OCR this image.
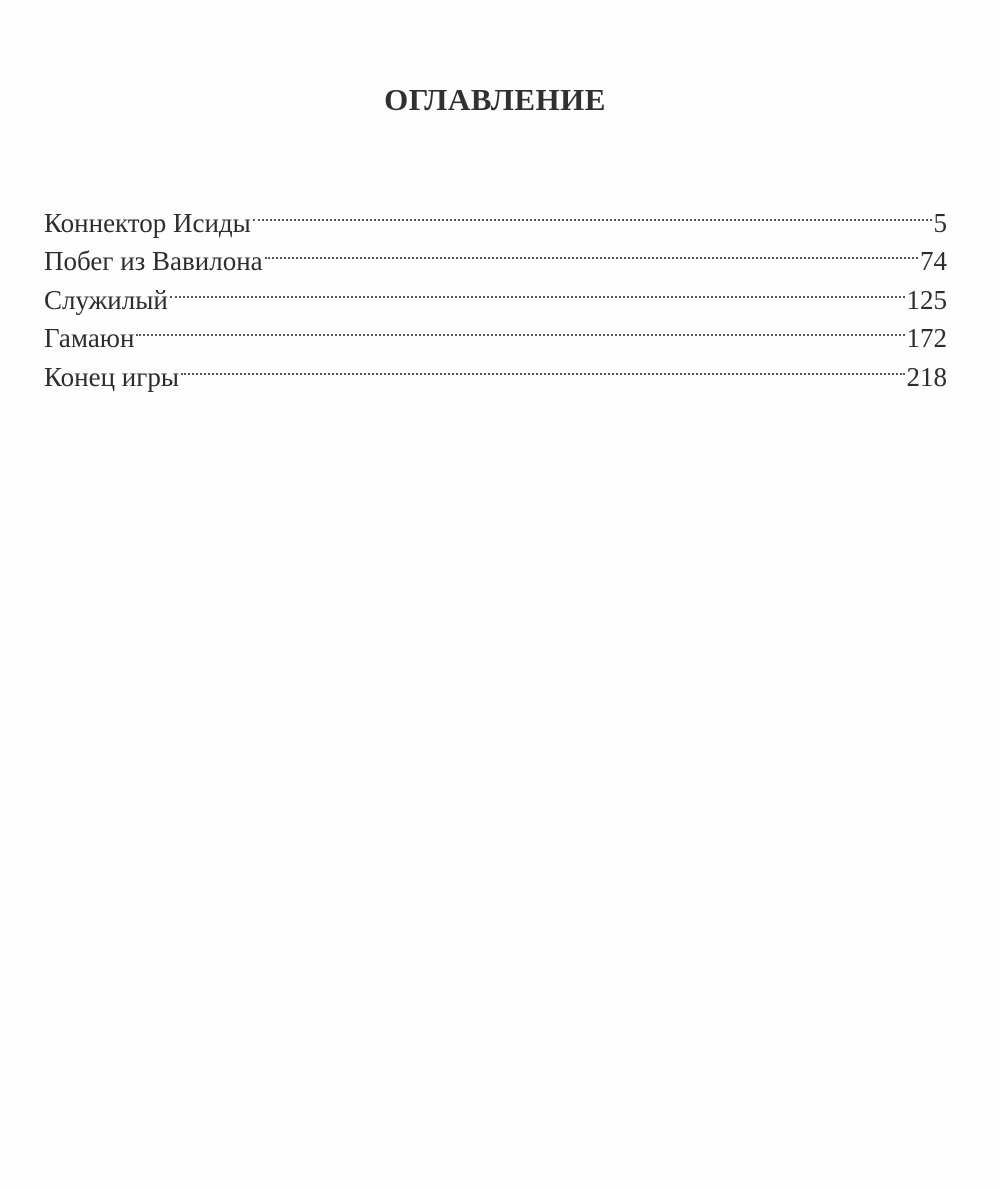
ОГЛАВЛЕНИЕ
Коннектор Исиды	5
Побег из Вавилона	74
Служилый	125
Гамаюн	172
Конец игры	218
